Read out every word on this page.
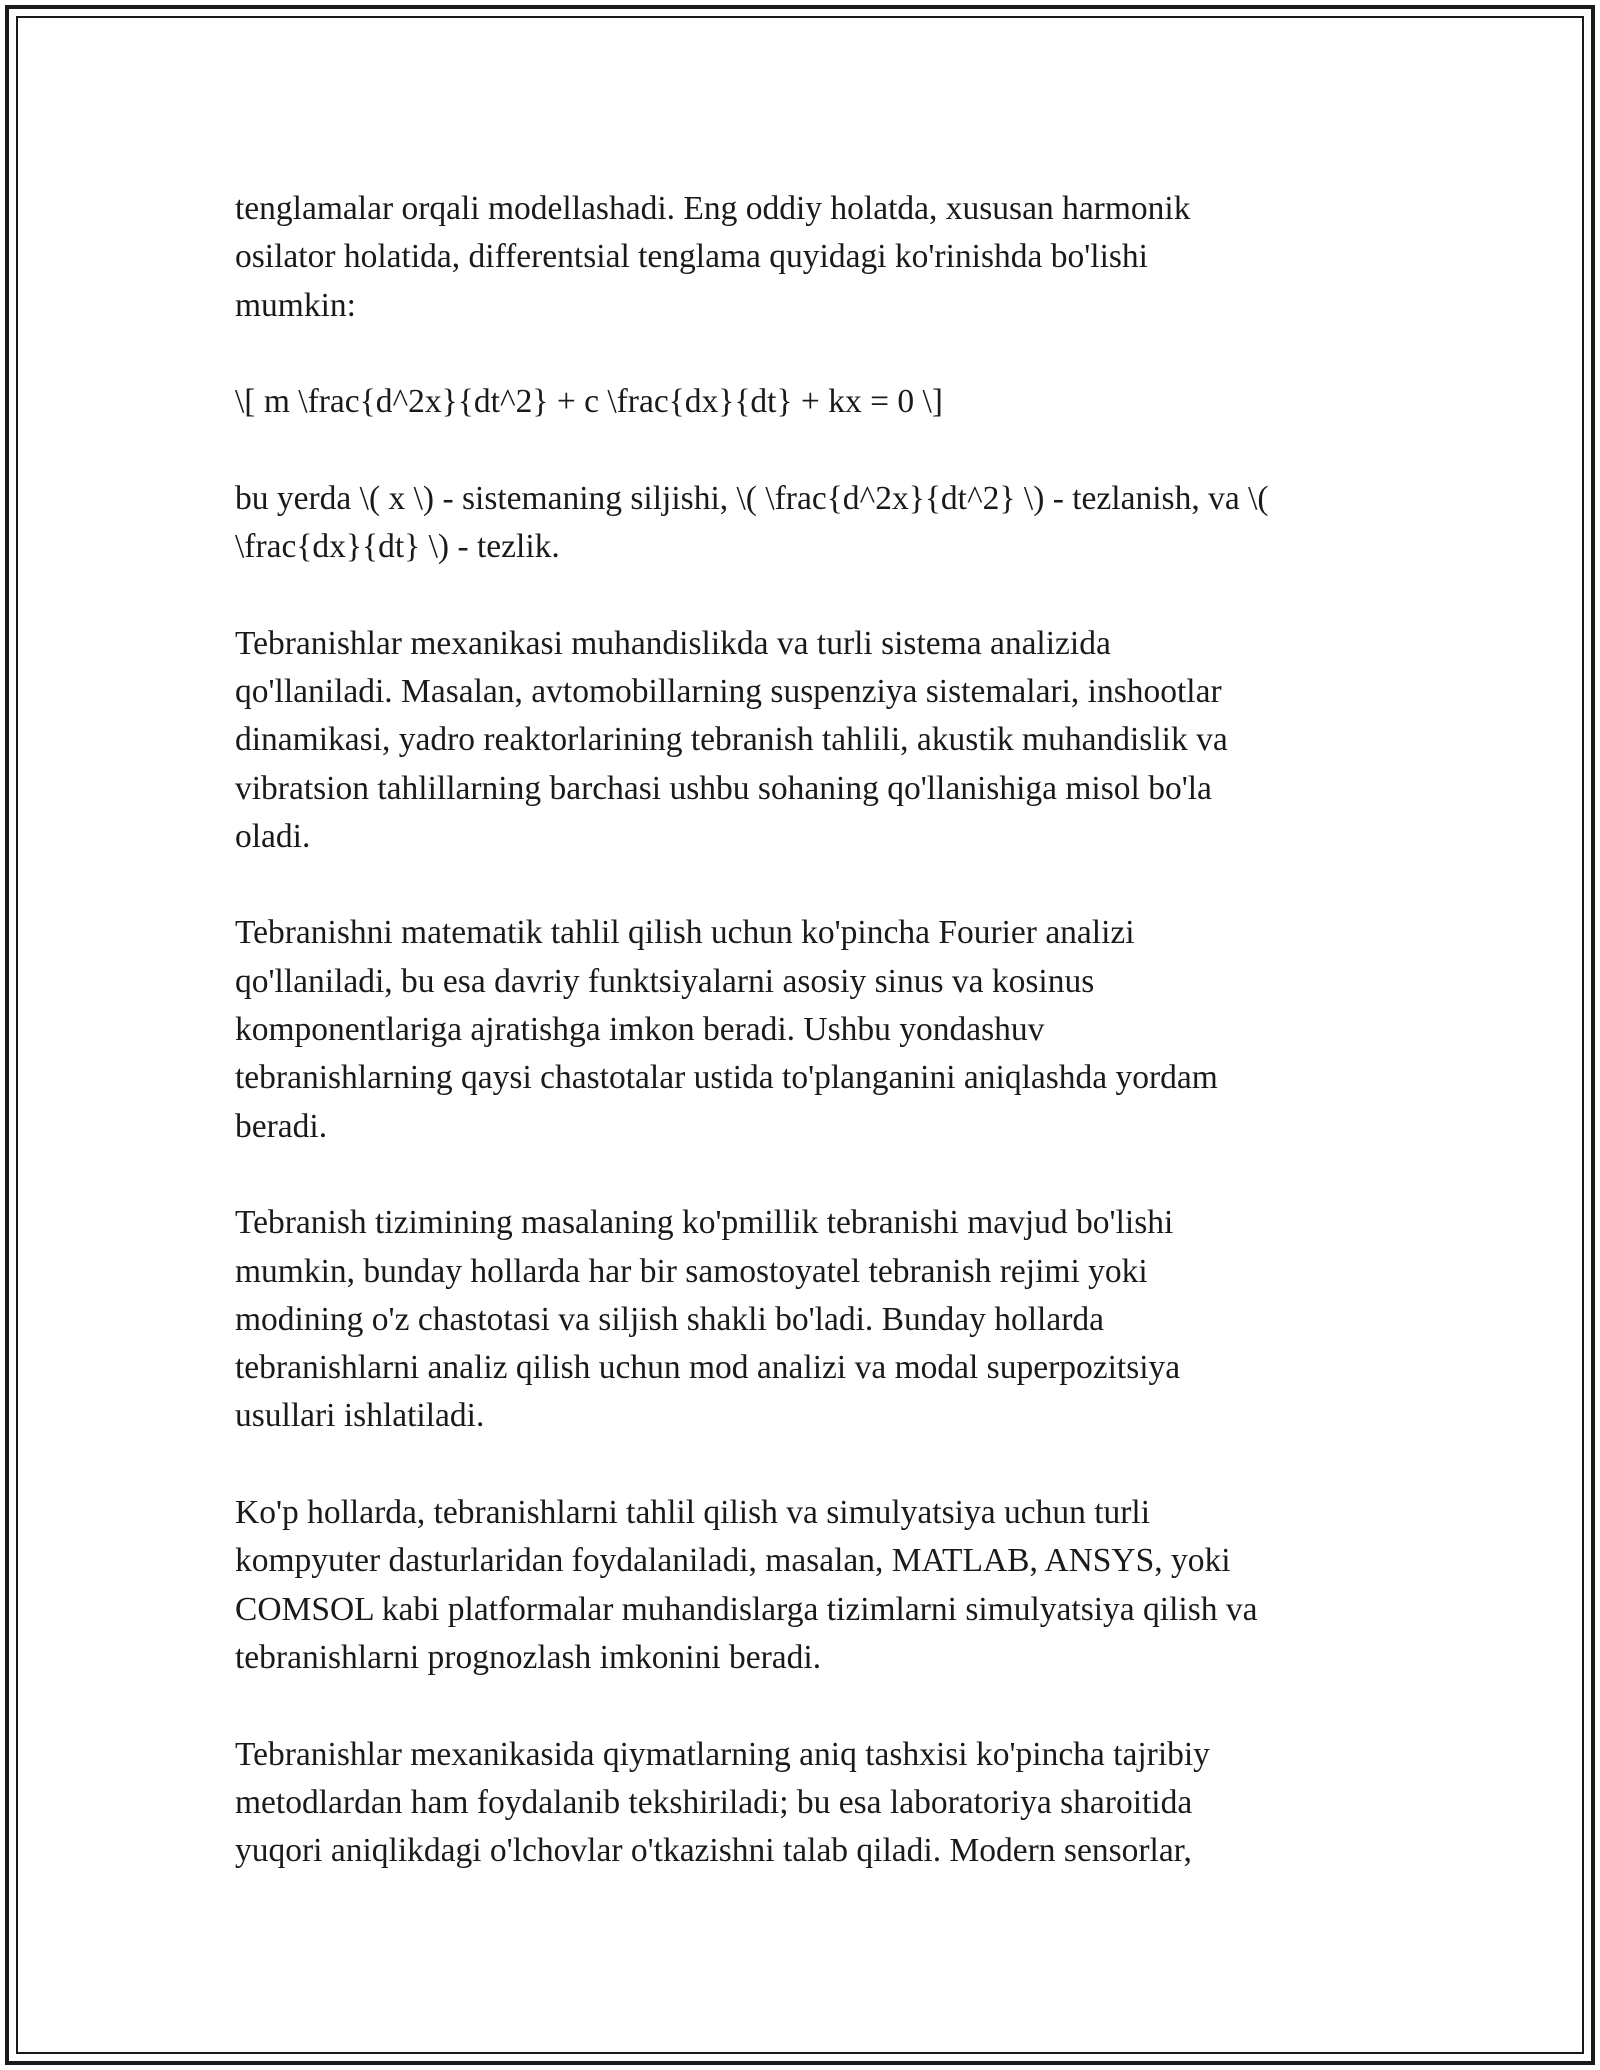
tenglamalar orqali modellashadi. Eng oddiy holatda, xususan harmonik
osilator holatida, differentsial tenglama quyidagi ko'rinishda bo'lishi
mumkin:

\[ m \frac{d^2x}{dt^2} + c \frac{dx}{dt} + kx = 0 \]

bu yerda \( x \) - sistemaning siljishi, \( \frac{d^2x}{dt^2} \) - tezlanish, va \(
\frac{dx}{dt} \) - tezlik.

Tebranishlar mexanikasi muhandislikda va turli sistema analizida
qo'llaniladi. Masalan, avtomobillarning suspenziya sistemalari, inshootlar
dinamikasi, yadro reaktorlarining tebranish tahlili, akustik muhandislik va
vibratsion tahlillarning barchasi ushbu sohaning qo'llanishiga misol bo'la
oladi.

Tebranishni matematik tahlil qilish uchun ko'pincha Fourier analizi
qo'llaniladi, bu esa davriy funktsiyalarni asosiy sinus va kosinus
komponentlariga ajratishga imkon beradi. Ushbu yondashuv
tebranishlarning qaysi chastotalar ustida to'planganini aniqlashda yordam
beradi.

Tebranish tizimining masalaning ko'pmillik tebranishi mavjud bo'lishi
mumkin, bunday hollarda har bir samostoyatel tebranish rejimi yoki
modining o'z chastotasi va siljish shakli bo'ladi. Bunday hollarda
tebranishlarni analiz qilish uchun mod analizi va modal superpozitsiya
usullari ishlatiladi.

Ko'p hollarda, tebranishlarni tahlil qilish va simulyatsiya uchun turli
kompyuter dasturlaridan foydalaniladi, masalan, MATLAB, ANSYS, yoki
COMSOL kabi platformalar muhandislarga tizimlarni simulyatsiya qilish va
tebranishlarni prognozlash imkonini beradi.

Tebranishlar mexanikasida qiymatlarning aniq tashxisi ko'pincha tajribiy
metodlardan ham foydalanib tekshiriladi; bu esa laboratoriya sharoitida
yuqori aniqlikdagi o'lchovlar o'tkazishni talab qiladi. Modern sensorlar,
